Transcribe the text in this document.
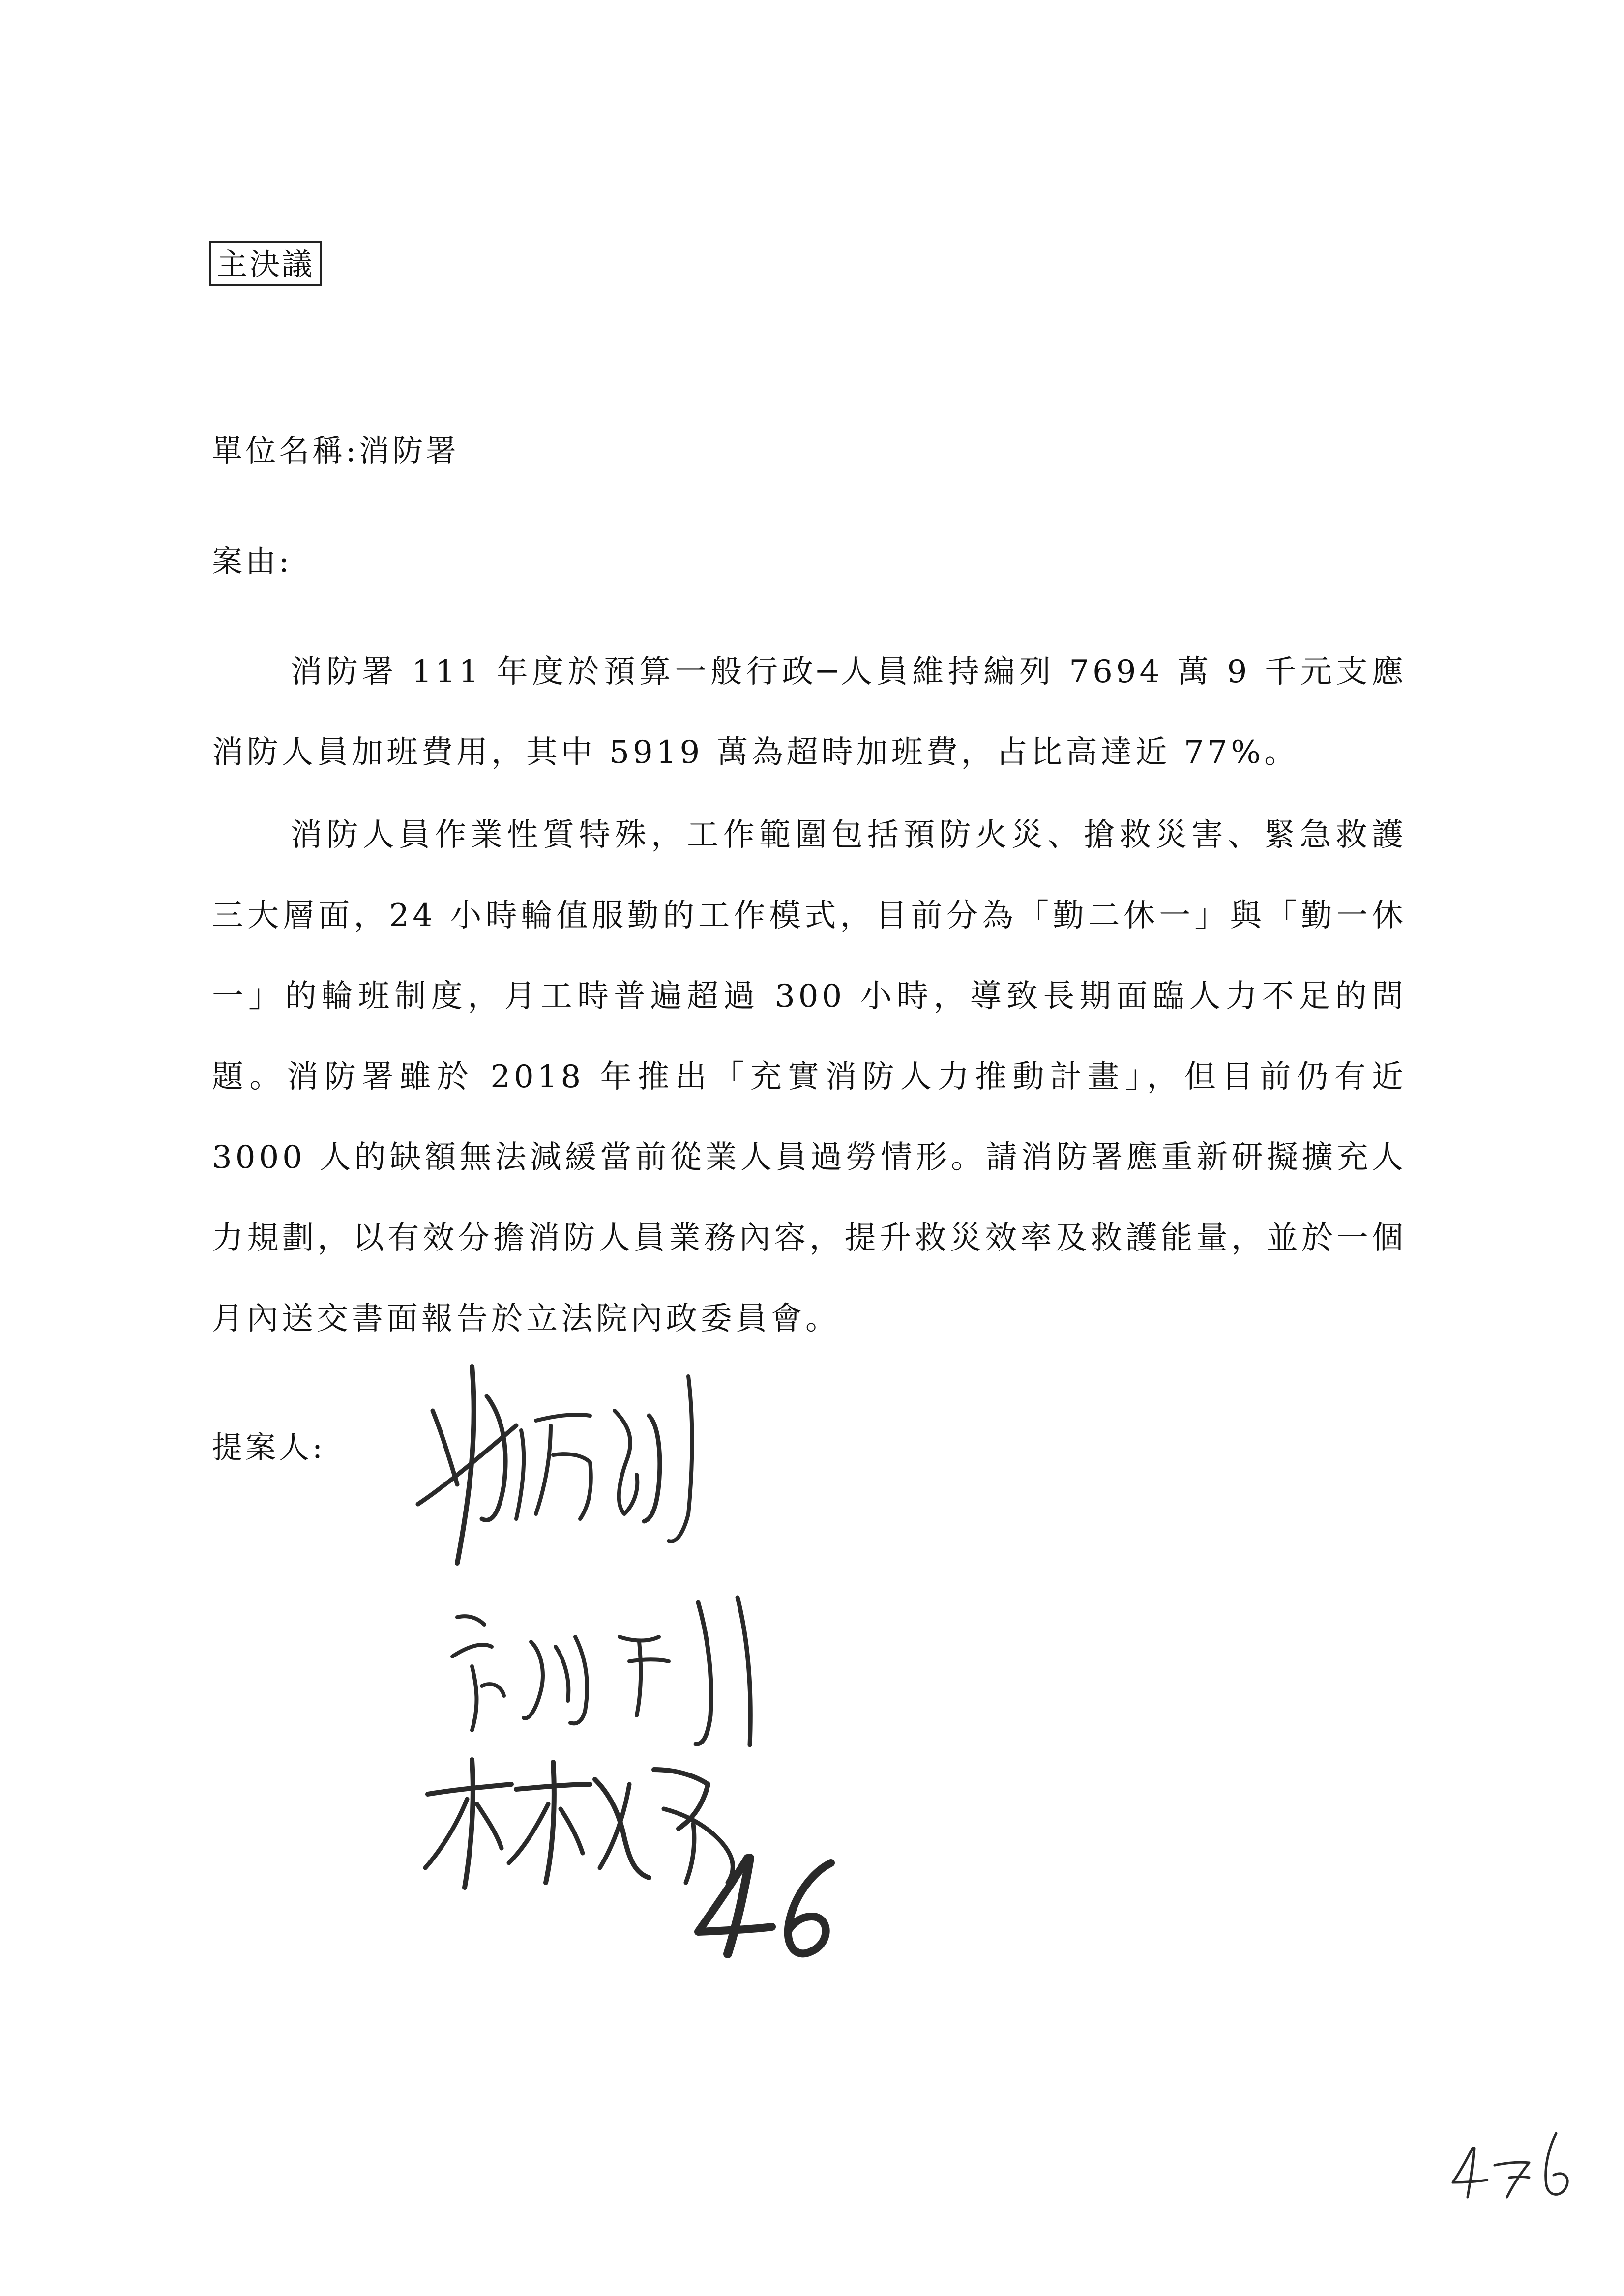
主決議
單位名稱:消防署
案由:

消防署 111 年度於預算一般行政─人員維持編列 7694 萬 9 千元支應消防人員加班費用，其中 5919 萬為超時加班費，占比高達近 77%。

消防人員作業性質特殊，工作範圍包括預防火災、搶救災害、緊急救護三大層面，24 小時輪值服勤的工作模式，目前分為「勤二休一」與「勤一休一」的輪班制度，月工時普遍超過 300 小時，導致長期面臨人力不足的問題。消防署雖於 2018 年推出「充實消防人力推動計畫」，但目前仍有近 3000 人的缺額無法減緩當前從業人員過勞情形。請消防署應重新研擬擴充人力規劃，以有效分擔消防人員業務內容，提升救災效率及救護能量，並於一個月內送交書面報告於立法院內政委員會。

提案人:
